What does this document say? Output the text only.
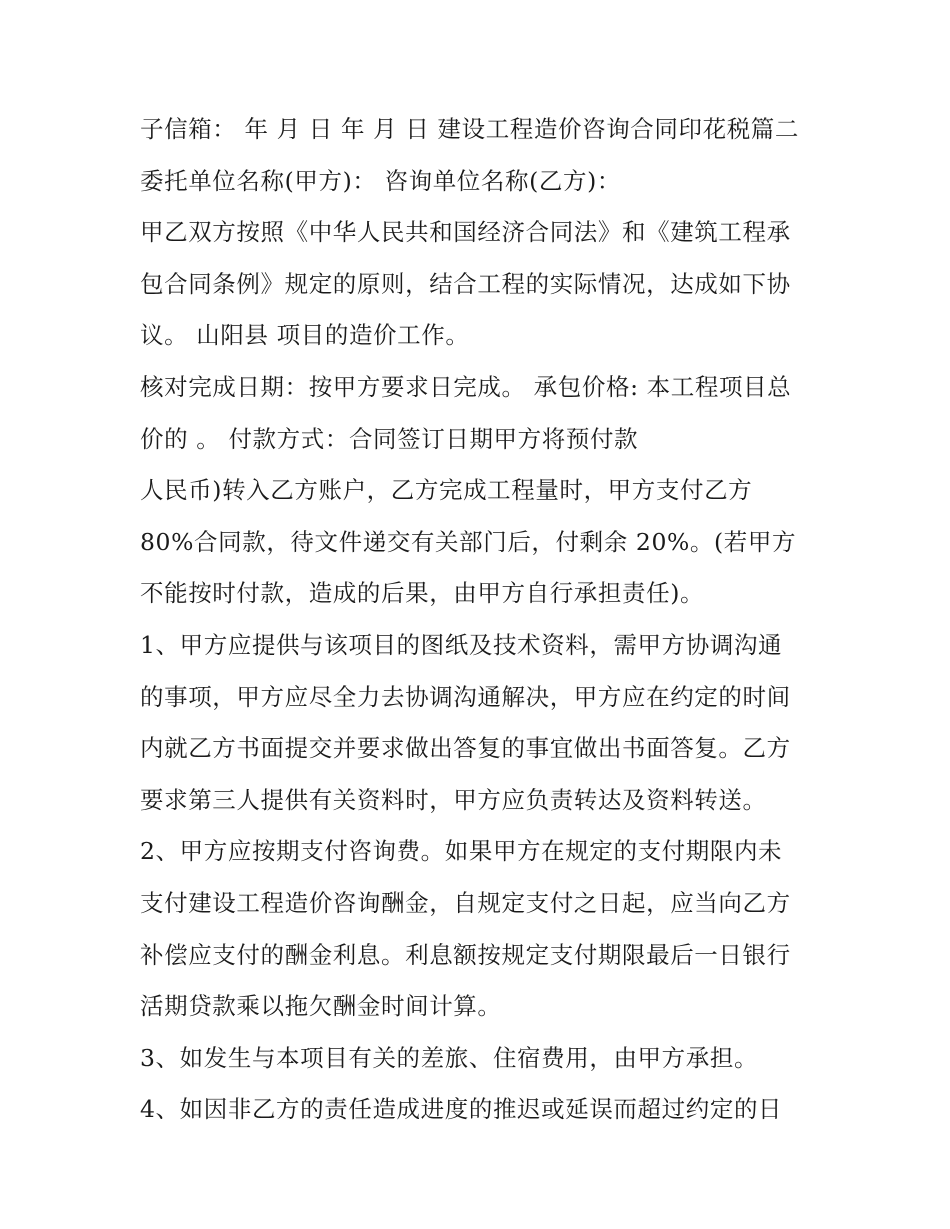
子信箱： 年 月 日 年 月 日 建设工程造价咨询合同印花税篇二
委托单位名称(甲方)： 咨询单位名称(乙方)：
甲乙双方按照《中华人民共和国经济合同法》和《建筑工程承
包合同条例》规定的原则，结合工程的实际情况，达成如下协
议。 山阳县 项目的造价工作。
核对完成日期：按甲方要求日完成。 承包价格: 本工程项目总
价的 。 付款方式：合同签订日期甲方将预付款
人民币)转入乙方账户，乙方完成工程量时，甲方支付乙方
80%合同款，待文件递交有关部门后，付剩余 20%。(若甲方
不能按时付款，造成的后果，由甲方自行承担责任)。
1、甲方应提供与该项目的图纸及技术资料，需甲方协调沟通
的事项，甲方应尽全力去协调沟通解决，甲方应在约定的时间
内就乙方书面提交并要求做出答复的事宜做出书面答复。乙方
要求第三人提供有关资料时，甲方应负责转达及资料转送。
2、甲方应按期支付咨询费。如果甲方在规定的支付期限内未
支付建设工程造价咨询酬金，自规定支付之日起，应当向乙方
补偿应支付的酬金利息。利息额按规定支付期限最后一日银行
活期贷款乘以拖欠酬金时间计算。
3、如发生与本项目有关的差旅、住宿费用，由甲方承担。
4、如因非乙方的责任造成进度的推迟或延误而超过约定的日
